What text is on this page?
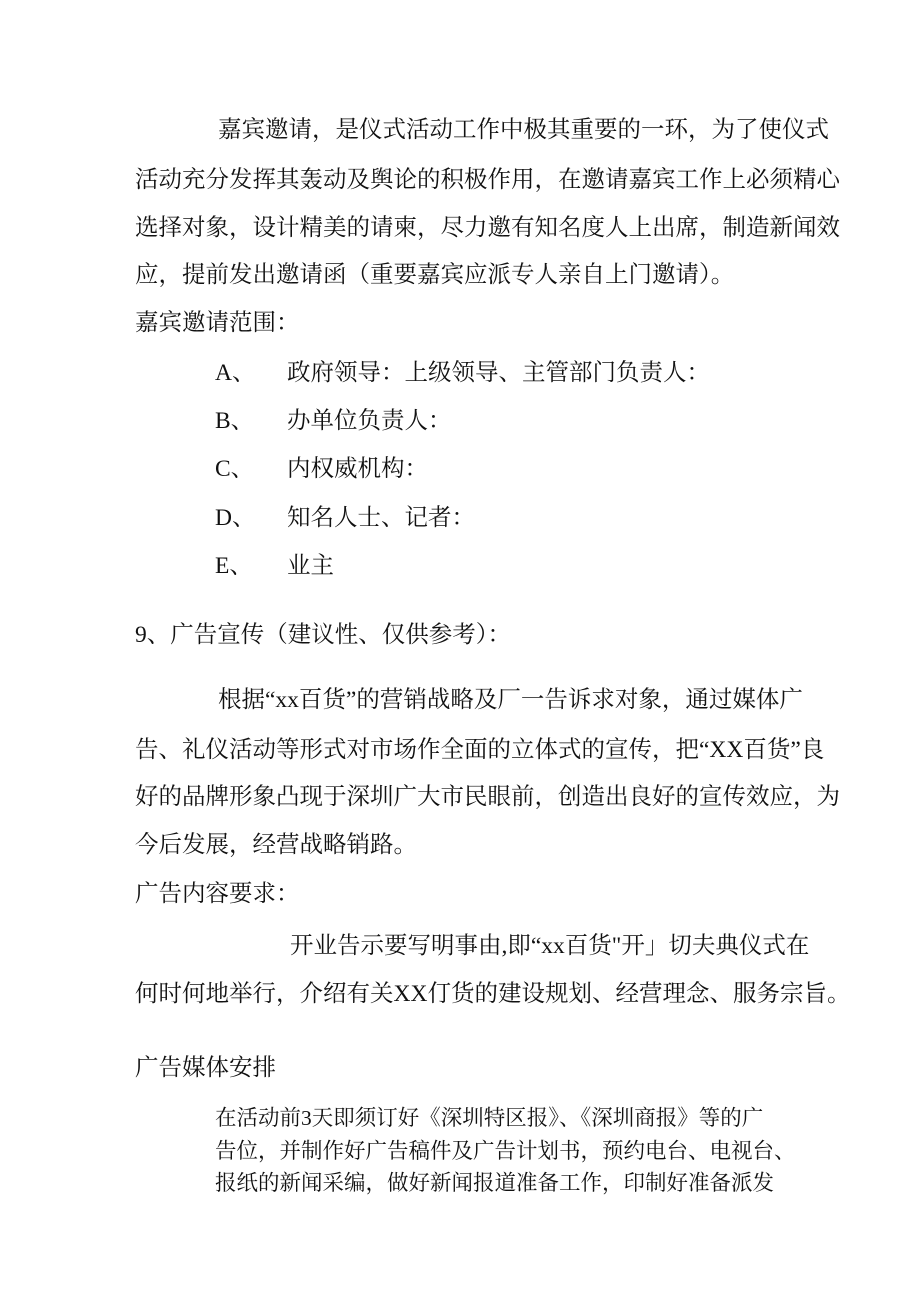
嘉宾邀请，是仪式活动工作中极其重要的一环，为了使仪式
活动充分发挥其轰动及舆论的积极作用，在邀请嘉宾工作上必须精心
选择对象，设计精美的请柬，尽力邀有知名度人上出席，制造新闻效
应，提前发出邀请函（重要嘉宾应派专人亲自上门邀请）。
嘉宾邀请范围：
A、 政府领导：上级领导、主管部门负责人：
B、 办单位负责人：
C、 内权威机构：
D、 知名人士、记者：
E、 业主
9、广告宣传（建议性、仅供参考）：
根据“xx百货”的营销战略及厂一告诉求对象，通过媒体广
告、礼仪活动等形式对市场作全面的立体式的宣传，把“XX百货”良
好的品牌形象凸现于深圳广大市民眼前，创造出良好的宣传效应，为
今后发展，经营战略销路。
广告内容要求：
开业告示要写明事由,即“xx百货"开」切夫典仪式在
何时何地举行，介绍有关XX仃货的建设规划、经营理念、服务宗旨。
广告媒体安排
在活动前3天即须订好《深圳特区报》、《深圳商报》等的广
告位，并制作好广告稿件及广告计划书，预约电台、电视台、
报纸的新闻采编，做好新闻报道准备工作，印制好准备派发
